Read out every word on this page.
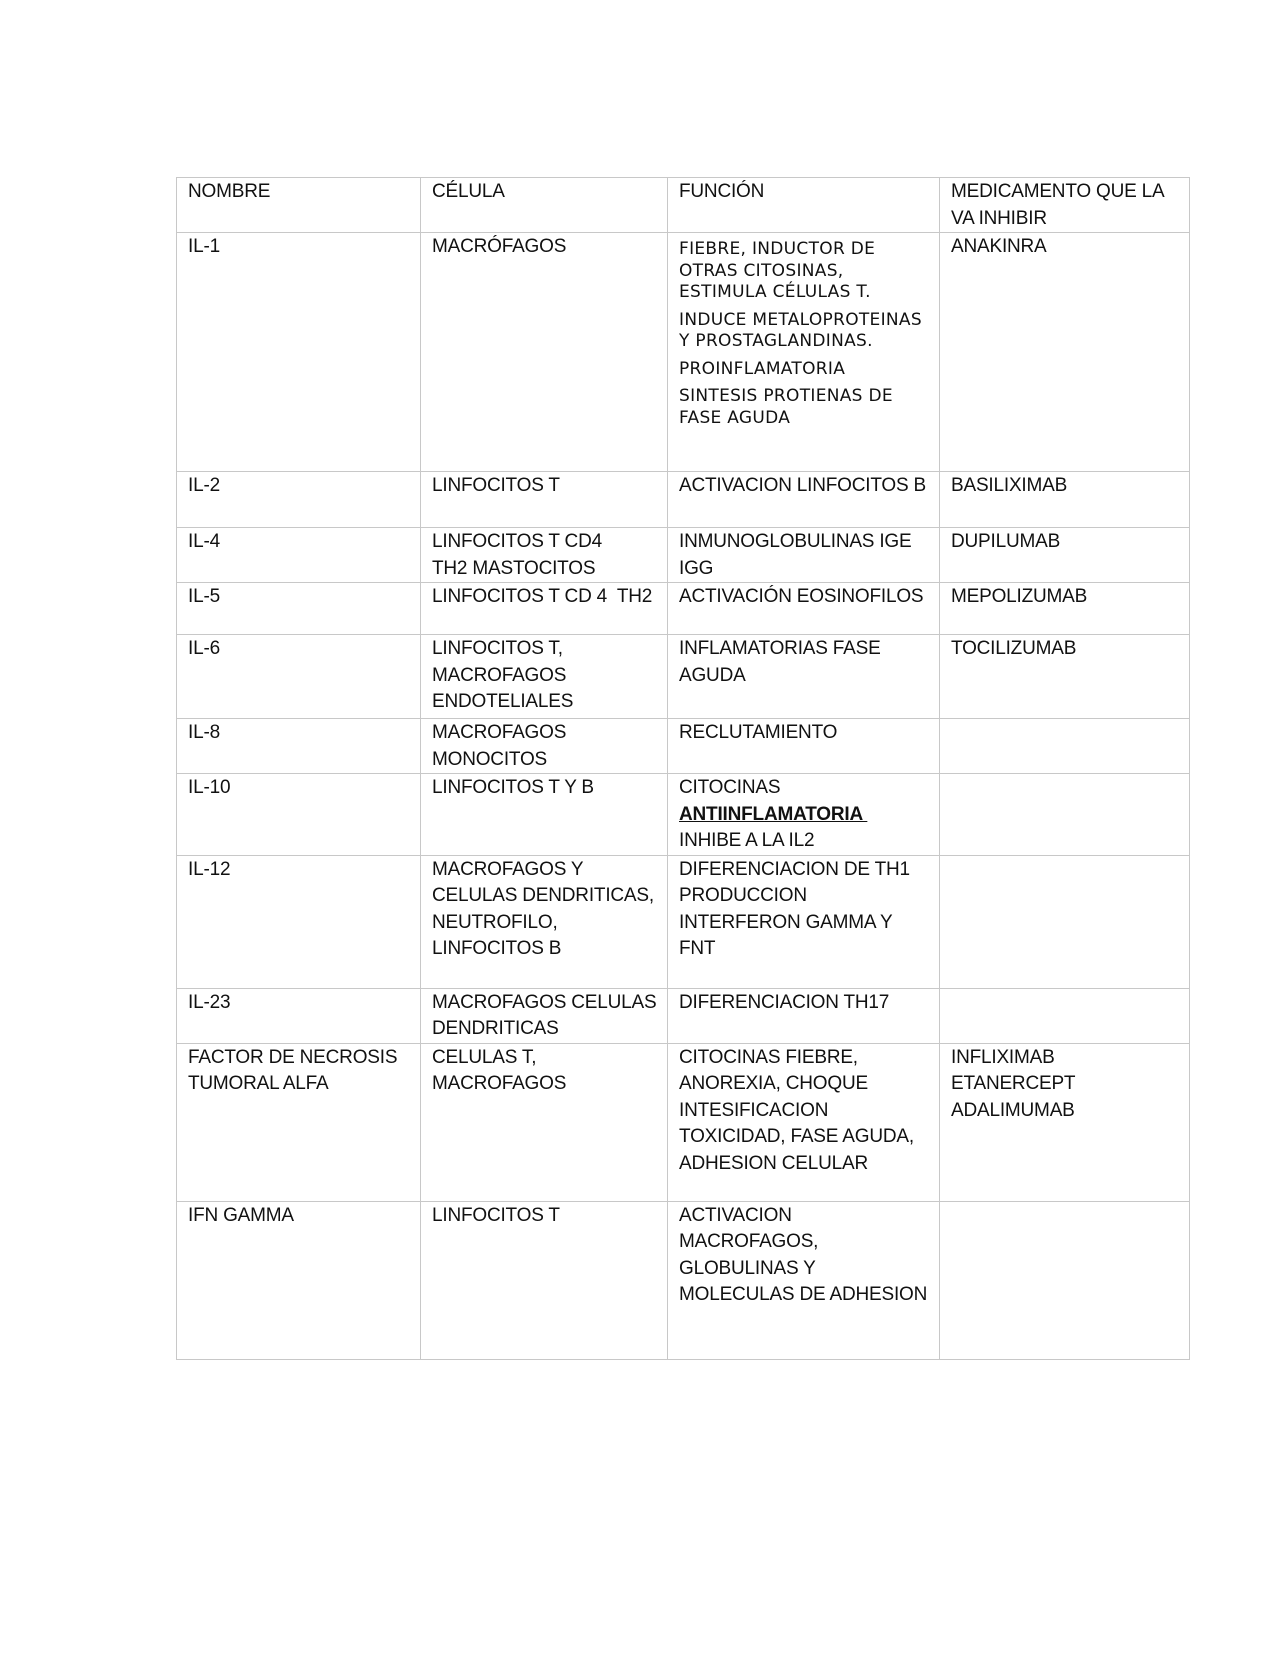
NOMBRE	CÉLULA	FUNCIÓN	MEDICAMENTO QUE LA VA INHIBIR

IL-1	MACRÓFAGOS	FIEBRE, INDUCTOR DE OTRAS CITOSINAS, ESTIMULA CÉLULAS T.
INDUCE METALOPROTEINAS Y PROSTAGLANDINAS.
PROINFLAMATORIA
SINTESIS PROTIENAS DE FASE AGUDA	ANAKINRA

IL-2	LINFOCITOS T	ACTIVACION LINFOCITOS B	BASILIXIMAB

IL-4	LINFOCITOS T CD4
TH2 MASTOCITOS	INMUNOGLOBULINAS IGE IGG	DUPILUMAB

IL-5	LINFOCITOS T CD 4  TH2	ACTIVACIÓN EOSINOFILOS	MEPOLIZUMAB

IL-6	LINFOCITOS T, MACROFAGOS ENDOTELIALES	INFLAMATORIAS FASE AGUDA	TOCILIZUMAB

IL-8	MACROFAGOS MONOCITOS	RECLUTAMIENTO	

IL-10	LINFOCITOS T Y B	CITOCINAS
ANTIINFLAMATORIA
INHIBE A LA IL2	

IL-12	MACROFAGOS Y CELULAS DENDRITICAS, NEUTROFILO, LINFOCITOS B	DIFERENCIACION DE TH1
PRODUCCION INTERFERON GAMMA Y FNT	

IL-23	MACROFAGOS CELULAS DENDRITICAS	DIFERENCIACION TH17	

FACTOR DE NECROSIS TUMORAL ALFA	CELULAS T, MACROFAGOS	CITOCINAS FIEBRE, ANOREXIA, CHOQUE INTESIFICACION TOXICIDAD, FASE AGUDA, ADHESION CELULAR	INFLIXIMAB
ETANERCEPT
ADALIMUMAB

IFN GAMMA	LINFOCITOS T	ACTIVACION MACROFAGOS, GLOBULINAS Y MOLECULAS DE ADHESION	
